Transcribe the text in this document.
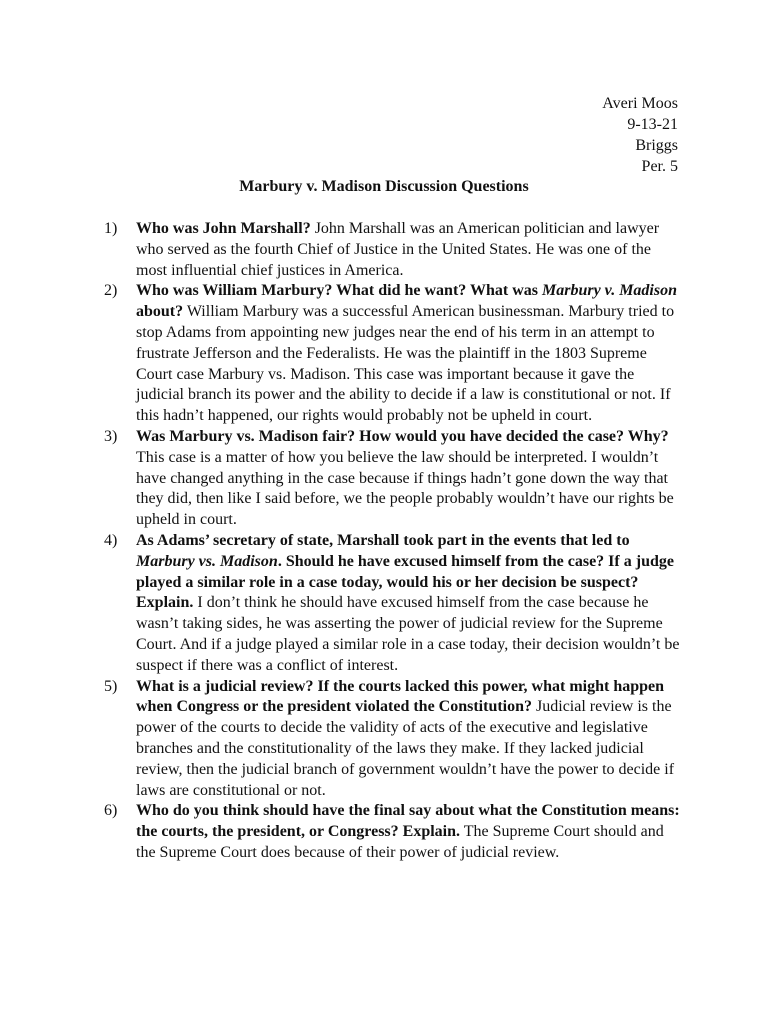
Averi Moos
9-13-21
Briggs
Per. 5
Marbury v. Madison Discussion Questions
1) Who was John Marshall? John Marshall was an American politician and lawyer who served as the fourth Chief of Justice in the United States. He was one of the most influential chief justices in America.
2) Who was William Marbury? What did he want? What was Marbury v. Madison about? William Marbury was a successful American businessman. Marbury tried to stop Adams from appointing new judges near the end of his term in an attempt to frustrate Jefferson and the Federalists. He was the plaintiff in the 1803 Supreme Court case Marbury vs. Madison. This case was important because it gave the judicial branch its power and the ability to decide if a law is constitutional or not. If this hadn’t happened, our rights would probably not be upheld in court.
3) Was Marbury vs. Madison fair? How would you have decided the case? Why? This case is a matter of how you believe the law should be interpreted. I wouldn’t have changed anything in the case because if things hadn’t gone down the way that they did, then like I said before, we the people probably wouldn’t have our rights be upheld in court.
4) As Adams’ secretary of state, Marshall took part in the events that led to Marbury vs. Madison. Should he have excused himself from the case? If a judge played a similar role in a case today, would his or her decision be suspect? Explain. I don’t think he should have excused himself from the case because he wasn’t taking sides, he was asserting the power of judicial review for the Supreme Court. And if a judge played a similar role in a case today, their decision wouldn’t be suspect if there was a conflict of interest.
5) What is a judicial review? If the courts lacked this power, what might happen when Congress or the president violated the Constitution? Judicial review is the power of the courts to decide the validity of acts of the executive and legislative branches and the constitutionality of the laws they make. If they lacked judicial review, then the judicial branch of government wouldn’t have the power to decide if laws are constitutional or not.
6) Who do you think should have the final say about what the Constitution means: the courts, the president, or Congress? Explain. The Supreme Court should and the Supreme Court does because of their power of judicial review.
